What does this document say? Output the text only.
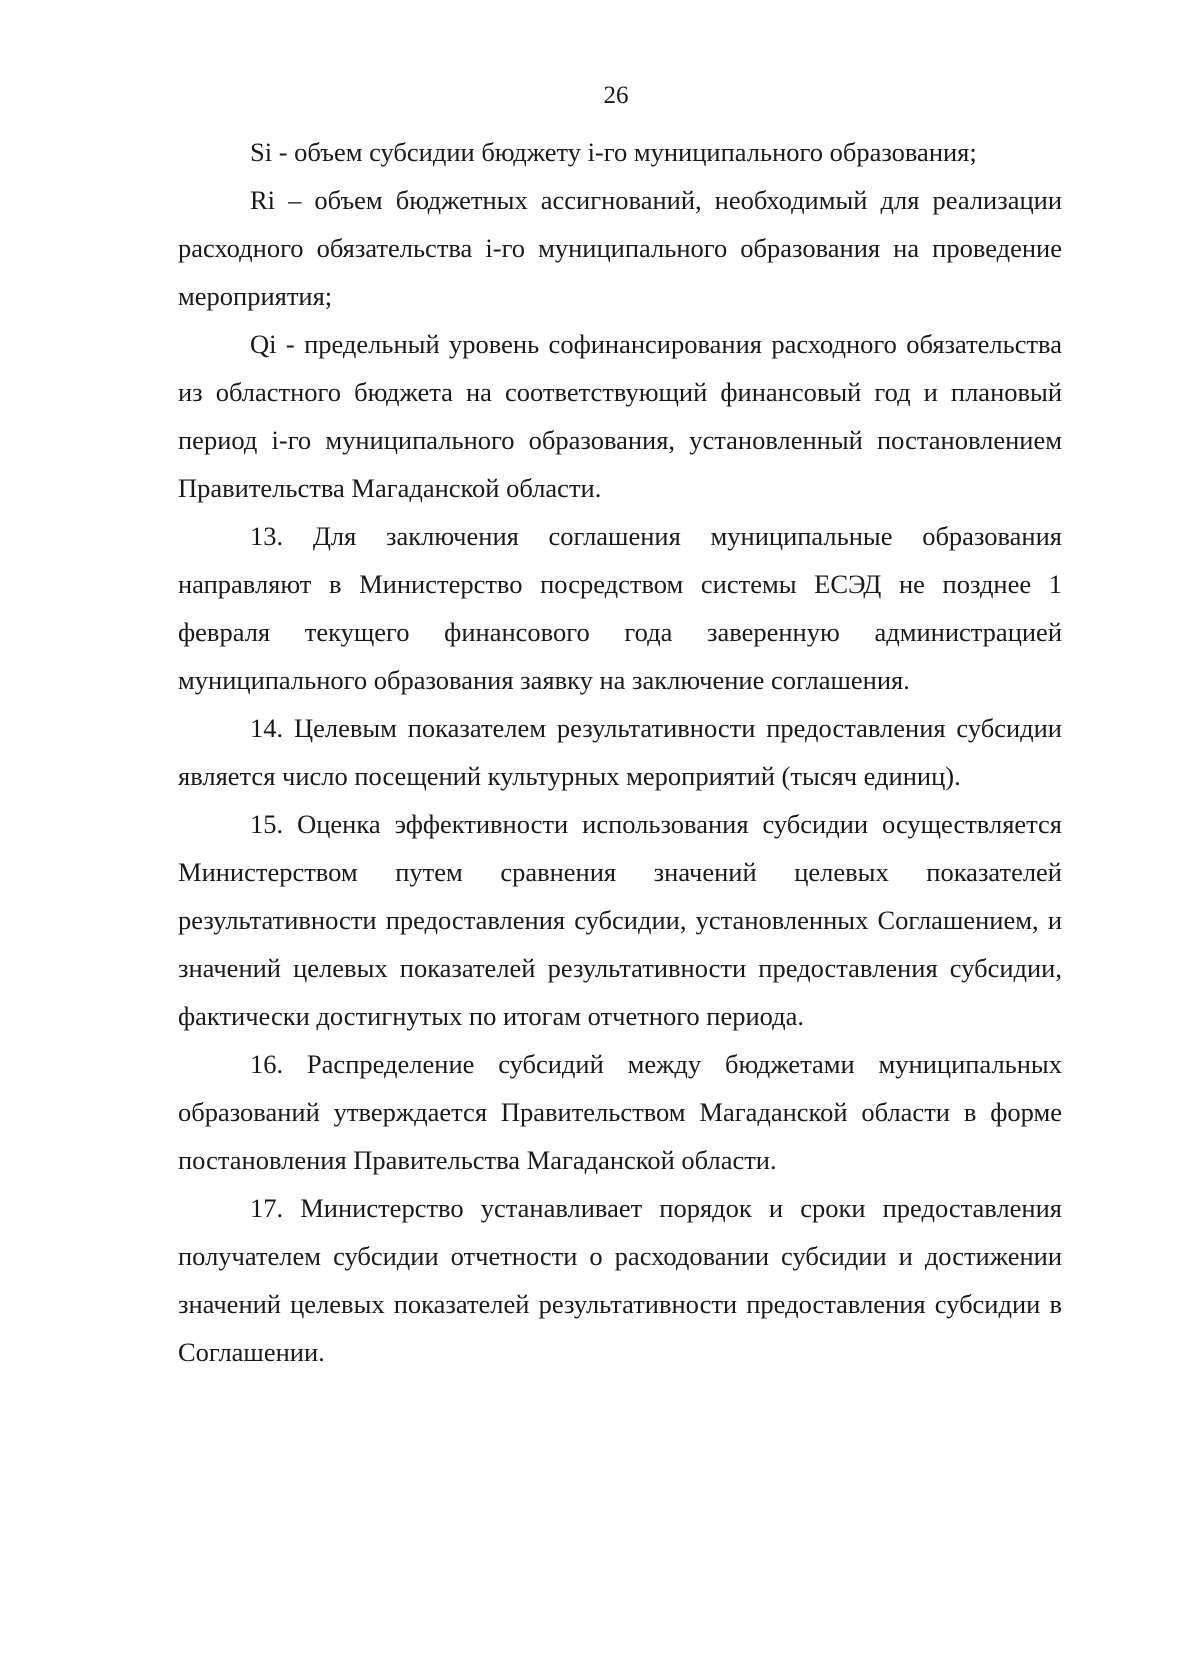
26

Si - объем субсидии бюджету i-го муниципального образования;

Ri – объем бюджетных ассигнований, необходимый для реализации расходного обязательства i-го муниципального образования на проведение мероприятия;

Qi - предельный уровень софинансирования расходного обязательства из областного бюджета на соответствующий финансовый год и плановый период i-го муниципального образования, установленный постановлением Правительства Магаданской области.

13. Для заключения соглашения муниципальные образования направляют в Министерство посредством системы ЕСЭД не позднее 1 февраля текущего финансового года заверенную администрацией муниципального образования заявку на заключение соглашения.

14. Целевым показателем результативности предоставления субсидии является число посещений культурных мероприятий (тысяч единиц).

15. Оценка эффективности использования субсидии осуществляется Министерством путем сравнения значений целевых показателей результативности предоставления субсидии, установленных Соглашением, и значений целевых показателей результативности предоставления субсидии, фактически достигнутых по итогам отчетного периода.

16. Распределение субсидий между бюджетами муниципальных образований утверждается Правительством Магаданской области в форме постановления Правительства Магаданской области.

17. Министерство устанавливает порядок и сроки предоставления получателем субсидии отчетности о расходовании субсидии и достижении значений целевых показателей результативности предоставления субсидии в Соглашении.
